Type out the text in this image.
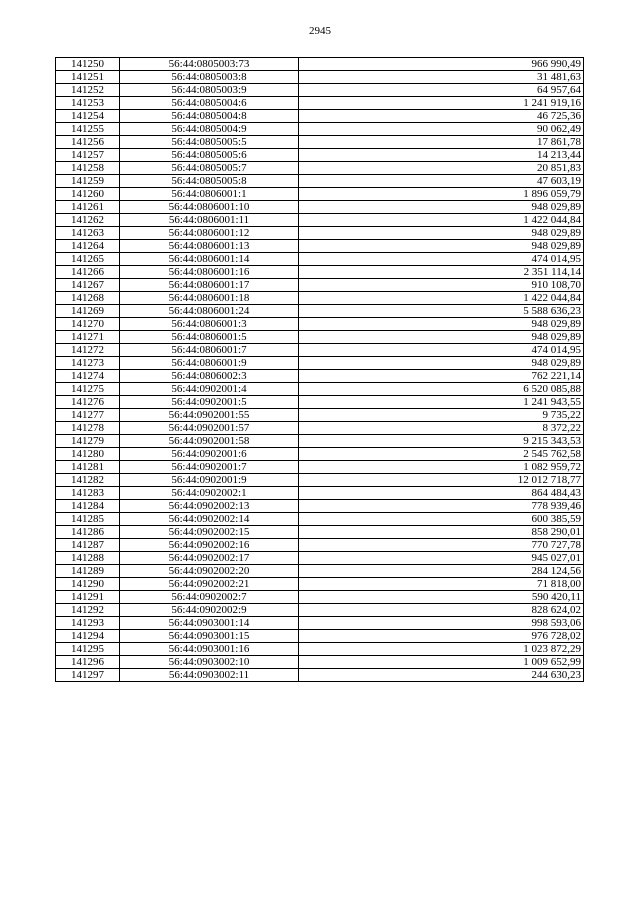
2945
141250	56:44:0805003:73	966 990,49
141251	56:44:0805003:8	31 481,63
141252	56:44:0805003:9	64 957,64
141253	56:44:0805004:6	1 241 919,16
141254	56:44:0805004:8	46 725,36
141255	56:44:0805004:9	90 062,49
141256	56:44:0805005:5	17 861,78
141257	56:44:0805005:6	14 213,44
141258	56:44:0805005:7	20 851,83
141259	56:44:0805005:8	47 603,19
141260	56:44:0806001:1	1 896 059,79
141261	56:44:0806001:10	948 029,89
141262	56:44:0806001:11	1 422 044,84
141263	56:44:0806001:12	948 029,89
141264	56:44:0806001:13	948 029,89
141265	56:44:0806001:14	474 014,95
141266	56:44:0806001:16	2 351 114,14
141267	56:44:0806001:17	910 108,70
141268	56:44:0806001:18	1 422 044,84
141269	56:44:0806001:24	5 588 636,23
141270	56:44:0806001:3	948 029,89
141271	56:44:0806001:5	948 029,89
141272	56:44:0806001:7	474 014,95
141273	56:44:0806001:9	948 029,89
141274	56:44:0806002:3	762 221,14
141275	56:44:0902001:4	6 520 085,88
141276	56:44:0902001:5	1 241 943,55
141277	56:44:0902001:55	9 735,22
141278	56:44:0902001:57	8 372,22
141279	56:44:0902001:58	9 215 343,53
141280	56:44:0902001:6	2 545 762,58
141281	56:44:0902001:7	1 082 959,72
141282	56:44:0902001:9	12 012 718,77
141283	56:44:0902002:1	864 484,43
141284	56:44:0902002:13	778 939,46
141285	56:44:0902002:14	600 385,59
141286	56:44:0902002:15	858 290,01
141287	56:44:0902002:16	770 727,78
141288	56:44:0902002:17	945 027,01
141289	56:44:0902002:20	284 124,56
141290	56:44:0902002:21	71 818,00
141291	56:44:0902002:7	590 420,11
141292	56:44:0902002:9	828 624,02
141293	56:44:0903001:14	998 593,06
141294	56:44:0903001:15	976 728,02
141295	56:44:0903001:16	1 023 872,29
141296	56:44:0903002:10	1 009 652,99
141297	56:44:0903002:11	244 630,23
